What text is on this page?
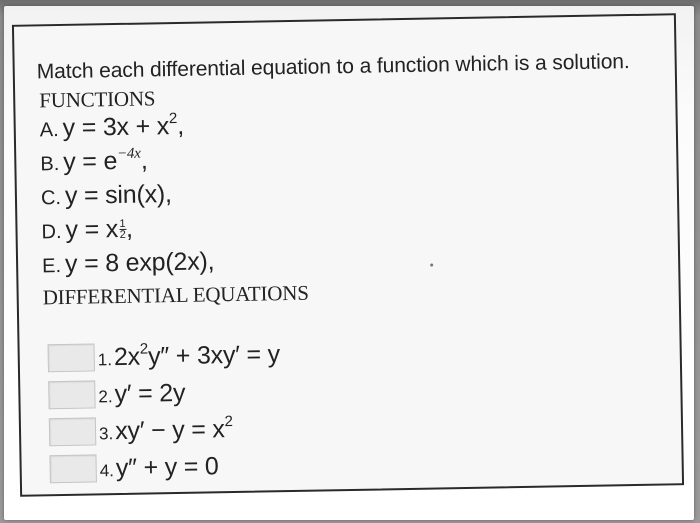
Match each differential equation to a function which is a solution.
FUNCTIONS
A. $y = 3x + x^2$,
B. $y = e^{-4x}$,
C. y = sin(x),
D. y = x $\frac{1}{2}$ ,
E. y = 8 exp(2x),
DIFFERENTIAL EQUATIONS
1. $2x^2y'' + 3xy' = y$
2. y′ = 2y
3. $xy' - y = x^2$
4. y″ + y = 0
